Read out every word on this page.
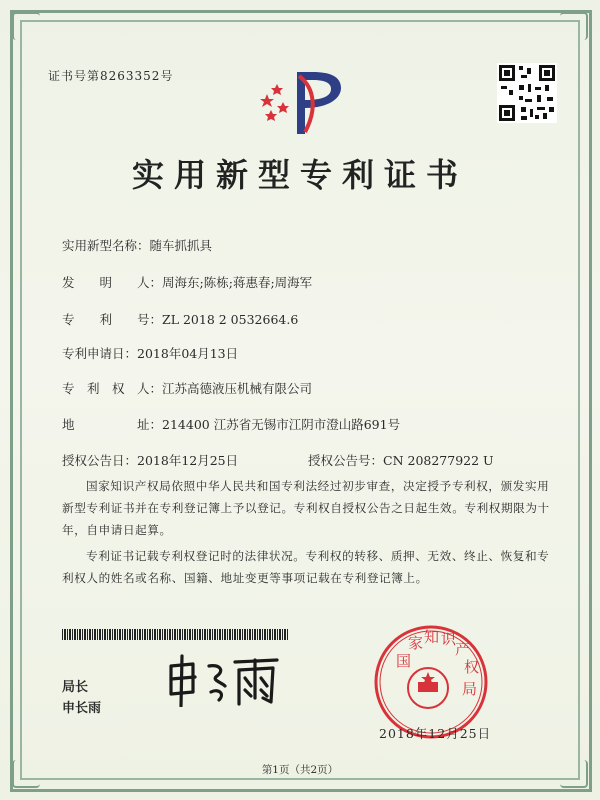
证书号第8263352号
实用新型专利证书
实用新型名称：随车抓抓具
发　　明　　人：周海东;陈栋;蒋惠春;周海军
专　　利　　号：ZL 2018 2 0532664.6
专利申请日：2018年04月13日
专　利　权　人：江苏高德液压机械有限公司
地　　　　　址：214400 江苏省无锡市江阴市澄山路691号
授权公告日：2018年12月25日	授权公告号：CN 208277922 U
国家知识产权局依照中华人民共和国专利法经过初步审查，决定授予专利权，颁发实用新型专利证书并在专利登记簿上予以登记。专利权自授权公告之日起生效。专利权期限为十年，自申请日起算。
专利证书记载专利权登记时的法律状况。专利权的转移、质押、无效、终止、恢复和专利权人的姓名或名称、国籍、地址变更等事项记载在专利登记簿上。
局长
申长雨
国
家 知 识
产
权
局
2018年12月25日
第1页（共2页）
